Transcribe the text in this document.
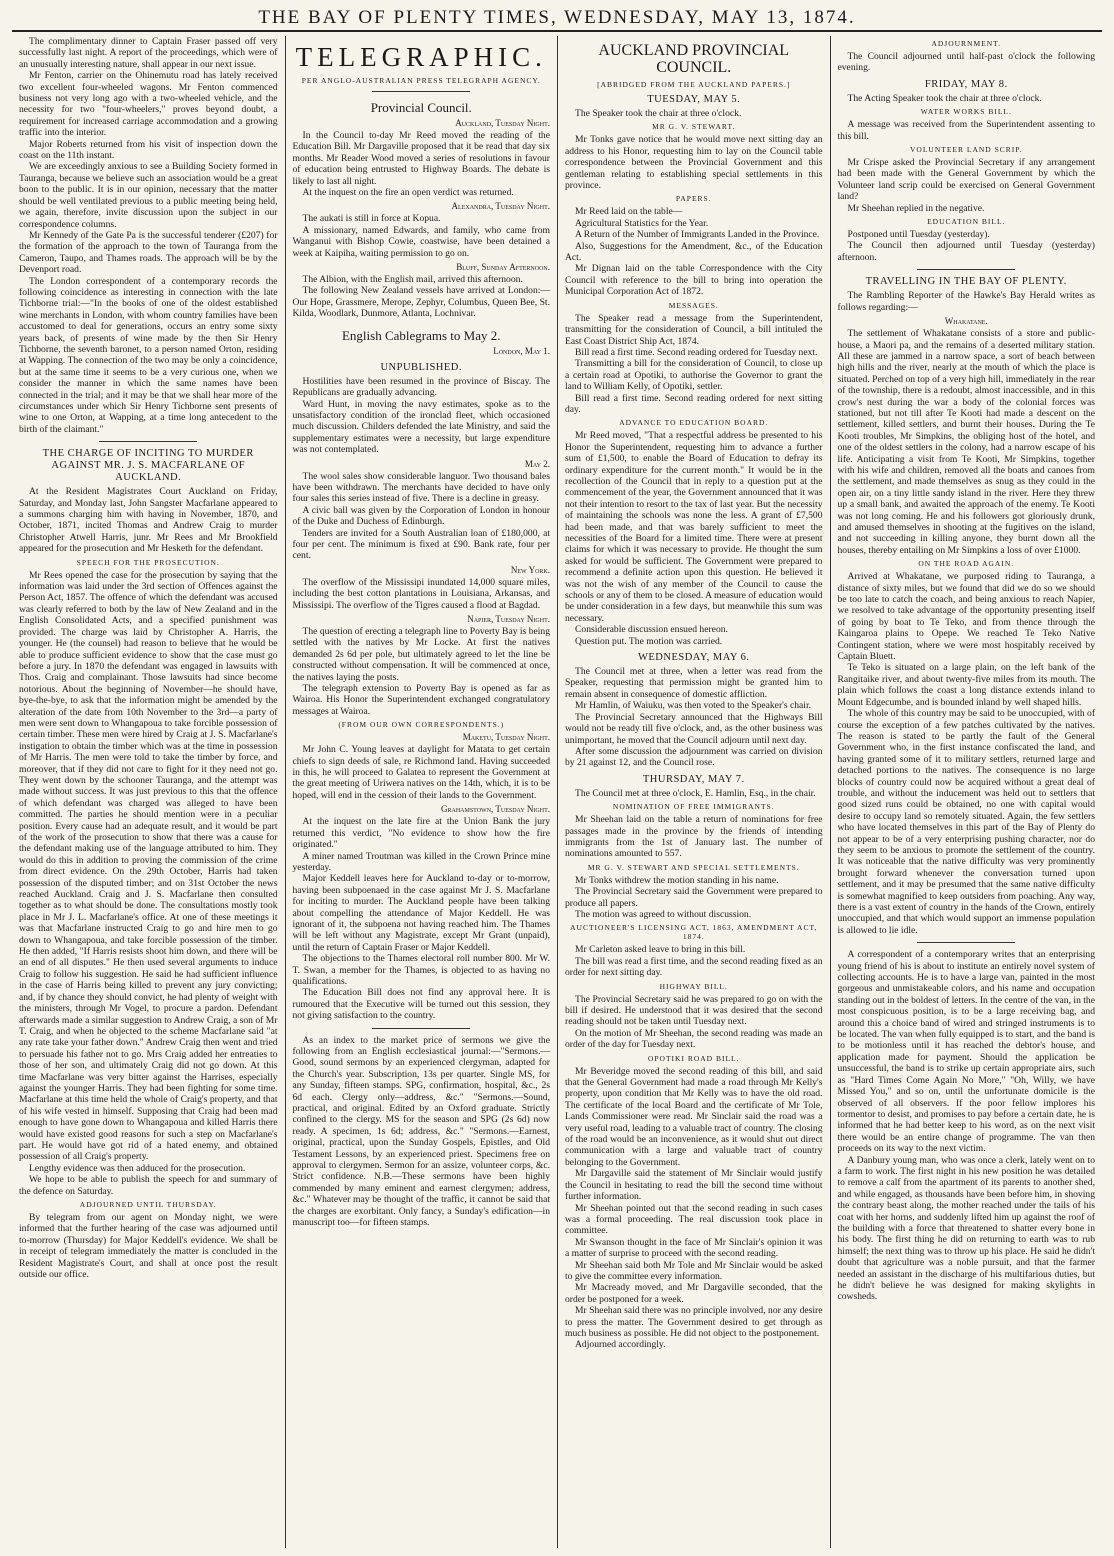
THE BAY OF PLENTY TIMES, WEDNESDAY, MAY 13, 1874.

The complimentary dinner to Captain Fraser passed off very successfully last night. A report of the proceedings, which were of an unusually interesting nature, shall appear in our next issue.

Mr Fenton, carrier on the Ohinemutu road has lately received two excellent four-wheeled wagons. Mr Fenton commenced business not very long ago with a two-wheeled vehicle, and the necessity for two "four-wheelers," proves beyond doubt, a requirement for increased carriage accommodation and a growing traffic into the interior.

Major Roberts returned from his visit of inspection down the coast on the 11th instant.

We are exceedingly anxious to see a Building Society formed in Tauranga, because we believe such an association would be a great boon to the public. It is in our opinion, necessary that the matter should be well ventilated previous to a public meeting being held, we again, therefore, invite discussion upon the subject in our correspondence columns.

Mr Kennedy of the Gate Pa is the successful tenderer (£207) for the formation of the approach to the town of Tauranga from the Cameron, Taupo, and Thames roads. The approach will be by the Devenport road.

The London correspondent of a contemporary records the following coincidence as interesting in connection with the late Tichborne trial:—"In the books of one of the oldest established wine merchants in London, with whom country families have been accustomed to deal for generations, occurs an entry some sixty years back, of presents of wine made by the then Sir Henry Tichborne, the seventh baronet, to a person named Orton, residing at Wapping. The connection of the two may be only a coincidence, but at the same time it seems to be a very curious one, when we consider the manner in which the same names have been connected in the trial; and it may be that we shall hear more of the circumstances under which Sir Henry Tichborne sent presents of wine to one Orton, at Wapping, at a time long antecedent to the birth of the claimant."

THE CHARGE OF INCITING TO MURDER AGAINST MR. J. S. MACFARLANE OF AUCKLAND.

At the Resident Magistrates Court Auckland on Friday, Saturday, and Monday last, John Sangster Macfarlane appeared to a summons charging him with having in November, 1870, and October, 1871, incited Thomas and Andrew Craig to murder Christopher Atwell Harris, junr. Mr Rees and Mr Brookfield appeared for the prosecution and Mr Hesketh for the defendant.

SPEECH FOR THE PROSECUTION.

Mr Rees opened the case for the prosecution by saying that the information was laid under the 3rd section of Offences against the Person Act, 1857. The offence of which the defendant was accused was clearly referred to both by the law of New Zealand and in the English Consolidated Acts, and a specified punishment was provided. The charge was laid by Christopher A. Harris, the younger. He (the counsel) had reason to believe that he would be able to produce sufficient evidence to show that the case must go before a jury. In 1870 the defendant was engaged in lawsuits with Thos. Craig and complainant. Those lawsuits had since become notorious. About the beginning of November—he should have, bye-the-bye, to ask that the information might be amended by the alteration of the date from 10th November to the 3rd—a party of men were sent down to Whangapoua to take forcible possession of certain timber. These men were hired by Craig at J. S. Macfarlane's instigation to obtain the timber which was at the time in possession of Mr Harris. The men were told to take the timber by force, and moreover, that if they did not care to fight for it they need not go. They went down by the schooner Tauranga, and the attempt was made without success. It was just previous to this that the offence of which defendant was charged was alleged to have been committed. The parties he should mention were in a peculiar position. Every cause had an adequate result, and it would be part of the work of the prosecution to show that there was a cause for the defendant making use of the language attributed to him. They would do this in addition to proving the commission of the crime from direct evidence. On the 29th October, Harris had taken possession of the disputed timber; and on 31st October the news reached Auckland. Craig and J. S. Macfarlane then consulted together as to what should be done. The consultations mostly took place in Mr J. L. Macfarlane's office. At one of these meetings it was that Macfarlane instructed Craig to go and hire men to go down to Whangapoua, and take forcible possession of the timber. He then added, "If Harris resists shoot him down, and there will be an end of all disputes." He then used several arguments to induce Craig to follow his suggestion. He said he had sufficient influence in the case of Harris being killed to prevent any jury convicting; and, if by chance they should convict, he had plenty of weight with the ministers, through Mr Vogel, to procure a pardon. Defendant afterwards made a similar suggestion to Andrew Craig, a son of Mr T. Craig, and when he objected to the scheme Macfarlane said "at any rate take your father down." Andrew Craig then went and tried to persuade his father not to go. Mrs Craig added her entreaties to those of her son, and ultimately Craig did not go down. At this time Macfarlane was very bitter against the Harrises, especially against the younger Harris. They had been fighting for some time. Macfarlane at this time held the whole of Craig's property, and that of his wife vested in himself. Supposing that Craig had been mad enough to have gone down to Whangapoua and killed Harris there would have existed good reasons for such a step on Macfarlane's part. He would have got rid of a hated enemy, and obtained possession of all Craig's property.

Lengthy evidence was then adduced for the prosecution.

We hope to be able to publish the speech for and summary of the defence on Saturday.

ADJOURNED UNTIL THURSDAY.

By telegram from our agent on Monday night, we were informed that the further hearing of the case was adjourned until to-morrow (Thursday) for Major Keddell's evidence. We shall be in receipt of telegram immediately the matter is concluded in the Resident Magistrate's Court, and shall at once post the result outside our office.

TELEGRAPHIC.
PER ANGLO-AUSTRALIAN PRESS TELEGRAPH AGENCY.
Provincial Council.
Auckland, Tuesday Night.

In the Council to-day Mr Reed moved the reading of the Education Bill. Mr Dargaville proposed that it be read that day six months. Mr Reader Wood moved a series of resolutions in favour of education being entrusted to Highway Boards. The debate is likely to last all night.

At the inquest on the fire an open verdict was returned.

Alexandra, Tuesday Night.

The aukati is still in force at Kopua.

A missionary, named Edwards, and family, who came from Wanganui with Bishop Cowie, coastwise, have been detained a week at Kaipiha, waiting permission to go on.

Bluff, Sunday Afternoon.

The Albion, with the English mail, arrived this afternoon.

The following New Zealand vessels have arrived at London:—Our Hope, Grassmere, Merope, Zephyr, Columbus, Queen Bee, St. Kilda, Woodlark, Dunmore, Atlanta, Lochnivar.

English Cablegrams to May 2.
London, May 1.
UNPUBLISHED.

Hostilities have been resumed in the province of Biscay. The Republicans are gradually advancing.

Ward Hunt, in moving the navy estimates, spoke as to the unsatisfactory condition of the ironclad fleet, which occasioned much discussion. Childers defended the late Ministry, and said the supplementary estimates were a necessity, but large expenditure was not contemplated.

May 2.

The wool sales show considerable languor. Two thousand bales have been withdrawn. The merchants have decided to have only four sales this series instead of five. There is a decline in greasy.

A civic ball was given by the Corporation of London in honour of the Duke and Duchess of Edinburgh.

Tenders are invited for a South Australian loan of £180,000, at four per cent. The minimum is fixed at £90. Bank rate, four per cent.

New York.

The overflow of the Mississipi inundated 14,000 square miles, including the best cotton plantations in Louisiana, Arkansas, and Mississipi. The overflow of the Tigres caused a flood at Bagdad.

Napier, Tuesday Night.

The question of erecting a telegraph line to Poverty Bay is being settled with the natives by Mr Locke. At first the natives demanded 2s 6d per pole, but ultimately agreed to let the line be constructed without compensation. It will be commenced at once, the natives laying the posts.

The telegraph extension to Poverty Bay is opened as far as Wairoa. His Honor the Superintendent exchanged congratulatory messages at Wairoa.

(FROM OUR OWN CORRESPONDENTS.)
Maketu, Tuesday Night.

Mr John C. Young leaves at daylight for Matata to get certain chiefs to sign deeds of sale, re Richmond land. Having succeeded in this, he will proceed to Galatea to represent the Government at the great meeting of Uriwera natives on the 14th, which, it is to be hoped, will end in the cession of their lands to the Government.

Grahamstown, Tuesday Night.

At the inquest on the late fire at the Union Bank the jury returned this verdict, "No evidence to show how the fire originated."

A miner named Troutman was killed in the Crown Prince mine yesterday.

Major Keddell leaves here for Auckland to-day or to-morrow, having been subpoenaed in the case against Mr J. S. Macfarlane for inciting to murder. The Auckland people have been talking about compelling the attendance of Major Keddell. He was ignorant of it, the subpoena not having reached him. The Thames will be left without any Magistrate, except Mr Grant (unpaid), until the return of Captain Fraser or Major Keddell.

The objections to the Thames electoral roll number 800. Mr W. T. Swan, a member for the Thames, is objected to as having no qualifications.

The Education Bill does not find any approval here. It is rumoured that the Executive will be turned out this session, they not giving satisfaction to the country.

As an index to the market price of sermons we give the following from an English ecclesiastical journal:—"Sermons.—Good, sound sermons by an experienced clergyman, adapted for the Church's year. Subscription, 13s per quarter. Single MS, for any Sunday, fifteen stamps. SPG, confirmation, hospital, &c., 2s 6d each. Clergy only—address, &c." "Sermons.—Sound, practical, and original. Edited by an Oxford graduate. Strictly confined to the clergy. MS for the season and SPG (2s 6d) now ready. A specimen, 1s 6d; address, &c." "Sermons.—Earnest, original, practical, upon the Sunday Gospels, Epistles, and Old Testament Lessons, by an experienced priest. Specimens free on approval to clergymen. Sermon for an assize, volunteer corps, &c. Strict confidence. N.B.—These sermons have been highly commended by many eminent and earnest clergymen; address, &c." Whatever may be thought of the traffic, it cannot be said that the charges are exorbitant. Only fancy, a Sunday's edification—in manuscript too—for fifteen stamps.

AUCKLAND PROVINCIAL COUNCIL.
[ABRIDGED FROM THE AUCKLAND PAPERS.]
TUESDAY, MAY 5.

The Speaker took the chair at three o'clock.

MR G. V. STEWART.

Mr Tonks gave notice that he would move next sitting day an address to his Honor, requesting him to lay on the Council table correspondence between the Provincial Government and this gentleman relating to establishing special settlements in this province.

PAPERS.

Mr Reed laid on the table—

Agricultural Statistics for the Year.

A Return of the Number of Immigrants Landed in the Province.

Also, Suggestions for the Amendment, &c., of the Education Act.

Mr Dignan laid on the table Correspondence with the City Council with reference to the bill to bring into operation the Municipal Corporation Act of 1872.

MESSAGES.

The Speaker read a message from the Superintendent, transmitting for the consideration of Council, a bill intituled the East Coast District Ship Act, 1874.

Bill read a first time. Second reading ordered for Tuesday next.

Transmitting a bill for the consideration of Council, to close up a certain road at Opotiki, to authorise the Governor to grant the land to William Kelly, of Opotiki, settler.

Bill read a first time. Second reading ordered for next sitting day.

ADVANCE TO EDUCATION BOARD.

Mr Reed moved, "That a respectful address be presented to his Honor the Superintendent, requesting him to advance a further sum of £1,500, to enable the Board of Education to defray its ordinary expenditure for the current month." It would be in the recollection of the Council that in reply to a question put at the commencement of the year, the Government announced that it was not their intention to resort to the tax of last year. But the necessity of maintaining the schools was none the less. A grant of £7,500 had been made, and that was barely sufficient to meet the necessities of the Board for a limited time. There were at present claims for which it was necessary to provide. He thought the sum asked for would be sufficient. The Government were prepared to recommend a definite action upon this question. He believed it was not the wish of any member of the Council to cause the schools or any of them to be closed. A measure of education would be under consideration in a few days, but meanwhile this sum was necessary.

Considerable discussion ensued hereon.

Question put. The motion was carried.

WEDNESDAY, MAY 6.

The Council met at three, when a letter was read from the Speaker, requesting that permission might be granted him to remain absent in consequence of domestic affliction.

Mr Hamlin, of Waiuku, was then voted to the Speaker's chair.

The Provincial Secretary announced that the Highways Bill would not be ready till five o'clock, and, as the other business was unimportant, he moved that the Council adjourn until next day.

After some discussion the adjournment was carried on division by 21 against 12, and the Council rose.

THURSDAY, MAY 7.

The Council met at three o'clock, E. Hamlin, Esq., in the chair.

NOMINATION OF FREE IMMIGRANTS.

Mr Sheehan laid on the table a return of nominations for free passages made in the province by the friends of intending immigrants from the 1st of January last. The number of nominations amounted to 557.

MR G. V. STEWART AND SPECIAL SETTLEMENTS.

Mr Tonks withdrew the motion standing in his name.

The Provincial Secretary said the Government were prepared to produce all papers.

The motion was agreed to without discussion.

AUCTIONEER'S LICENSING ACT, 1863, AMENDMENT ACT, 1874.

Mr Carleton asked leave to bring in this bill.

The bill was read a first time, and the second reading fixed as an order for next sitting day.

HIGHWAY BILL.

The Provincial Secretary said he was prepared to go on with the bill if desired. He understood that it was desired that the second reading should not be taken until Tuesday next.

On the motion of Mr Sheehan, the second reading was made an order of the day for Tuesday next.

OPOTIKI ROAD BILL.

Mr Beveridge moved the second reading of this bill, and said that the General Government had made a road through Mr Kelly's property, upon condition that Mr Kelly was to have the old road. The certificate of the local Board and the certificate of Mr Tole, Lands Commissioner were read. Mr Sinclair said the road was a very useful road, leading to a valuable tract of country. The closing of the road would be an inconvenience, as it would shut out direct communication with a large and valuable tract of country belonging to the Government.

Mr Dargaville said the statement of Mr Sinclair would justify the Council in hesitating to read the bill the second time without further information.

Mr Sheehan pointed out that the second reading in such cases was a formal proceeding. The real discussion took place in committee.

Mr Swanson thought in the face of Mr Sinclair's opinion it was a matter of surprise to proceed with the second reading.

Mr Sheehan said both Mr Tole and Mr Sinclair would be asked to give the committee every information.

Mr Macready moved, and Mr Dargaville seconded, that the order be postponed for a week.

Mr Sheehan said there was no principle involved, nor any desire to press the matter. The Government desired to get through as much business as possible. He did not object to the postponement.

Adjourned accordingly.

ADJOURNMENT.

The Council adjourned until half-past o'clock the following evening.

FRIDAY, MAY 8.

The Acting Speaker took the chair at three o'clock.

WATER WORKS BILL.

A message was received from the Superintendent assenting to this bill.

VOLUNTEER LAND SCRIP.

Mr Crispe asked the Provincial Secretary if any arrangement had been made with the General Government by which the Volunteer land scrip could be exercised on General Government land?

Mr Sheehan replied in the negative.

EDUCATION BILL.

Postponed until Tuesday (yesterday).

The Council then adjourned until Tuesday (yesterday) afternoon.

TRAVELLING IN THE BAY OF PLENTY.

The Rambling Reporter of the Hawke's Bay Herald writes as follows regarding:—

Whakatane.

The settlement of Whakatane consists of a store and public-house, a Maori pa, and the remains of a deserted military station. All these are jammed in a narrow space, a sort of beach between high hills and the river, nearly at the mouth of which the place is situated. Perched on top of a very high hill, immediately in the rear of the township, there is a redoubt, almost inaccessible, and in this crow's nest during the war a body of the colonial forces was stationed, but not till after Te Kooti had made a descent on the settlement, killed settlers, and burnt their houses. During the Te Kooti troubles, Mr Simpkins, the obliging host of the hotel, and one of the oldest settlers in the colony, had a narrow escape of his life. Anticipating a visit from Te Kooti, Mr Simpkins, together with his wife and children, removed all the boats and canoes from the settlement, and made themselves as snug as they could in the open air, on a tiny little sandy island in the river. Here they threw up a small bank, and awaited the approach of the enemy. Te Kooti was not long coming. He and his followers got gloriously drunk, and amused themselves in shooting at the fugitives on the island, and not succeeding in killing anyone, they burnt down all the houses, thereby entailing on Mr Simpkins a loss of over £1000.

ON THE ROAD AGAIN.

Arrived at Whakatane, we purposed riding to Tauranga, a distance of sixty miles, but we found that did we do so we should be too late to catch the coach, and being anxious to reach Napier, we resolved to take advantage of the opportunity presenting itself of going by boat to Te Teko, and from thence through the Kaingaroa plains to Opepe. We reached Te Teko Native Contingent station, where we were most hospitably received by Captain Bluett.

Te Teko is situated on a large plain, on the left bank of the Rangitaike river, and about twenty-five miles from its mouth. The plain which follows the coast a long distance extends inland to Mount Edgecumbe, and is bounded inland by well shaped hills.

The whole of this country may be said to be unoccupied, with of course the exception of a few patches cultivated by the natives. The reason is stated to be partly the fault of the General Government who, in the first instance confiscated the land, and having granted some of it to military settlers, returned large and detached portions to the natives. The consequence is no large blocks of country could now be acquired without a great deal of trouble, and without the inducement was held out to settlers that good sized runs could be obtained, no one with capital would desire to occupy land so remotely situated. Again, the few settlers who have located themselves in this part of the Bay of Plenty do not appear to be of a very enterprising pushing character, nor do they seem to be anxious to promote the settlement of the country. It was noticeable that the native difficulty was very prominently brought forward whenever the conversation turned upon settlement, and it may be presumed that the same native difficulty is somewhat magnified to keep outsiders from poaching. Any way, there is a vast extent of country in the hands of the Crown, entirely unoccupied, and that which would support an immense population is allowed to lie idle.

A correspondent of a contemporary writes that an enterprising young friend of his is about to institute an entirely novel system of collecting accounts. He is to have a large van, painted in the most gorgeous and unmistakeable colors, and his name and occupation standing out in the boldest of letters. In the centre of the van, in the most conspicuous position, is to be a large receiving bag, and around this a choice band of wired and stringed instruments is to be located. The van when fully equipped is to start, and the band is to be motionless until it has reached the debtor's house, and application made for payment. Should the application be unsuccessful, the band is to strike up certain appropriate airs, such as "Hard Times Come Again No More," "Oh, Willy, we have Missed You," and so on, until the unfortunate domicile is the observed of all observers. If the poor fellow implores his tormentor to desist, and promises to pay before a certain date, he is informed that he had better keep to his word, as on the next visit there would be an entire change of programme. The van then proceeds on its way to the next victim.

A Danbury young man, who was once a clerk, lately went on to a farm to work. The first night in his new position he was detailed to remove a calf from the apartment of its parents to another shed, and while engaged, as thousands have been before him, in shoving the contrary beast along, the mother reached under the tails of his coat with her horns, and suddenly lifted him up against the roof of the building with a force that threatened to shatter every bone in his body. The first thing he did on returning to earth was to rub himself; the next thing was to throw up his place. He said he didn't doubt that agriculture was a noble pursuit, and that the farmer needed an assistant in the discharge of his multifarious duties, but he didn't believe he was designed for making skylights in cowsheds.
